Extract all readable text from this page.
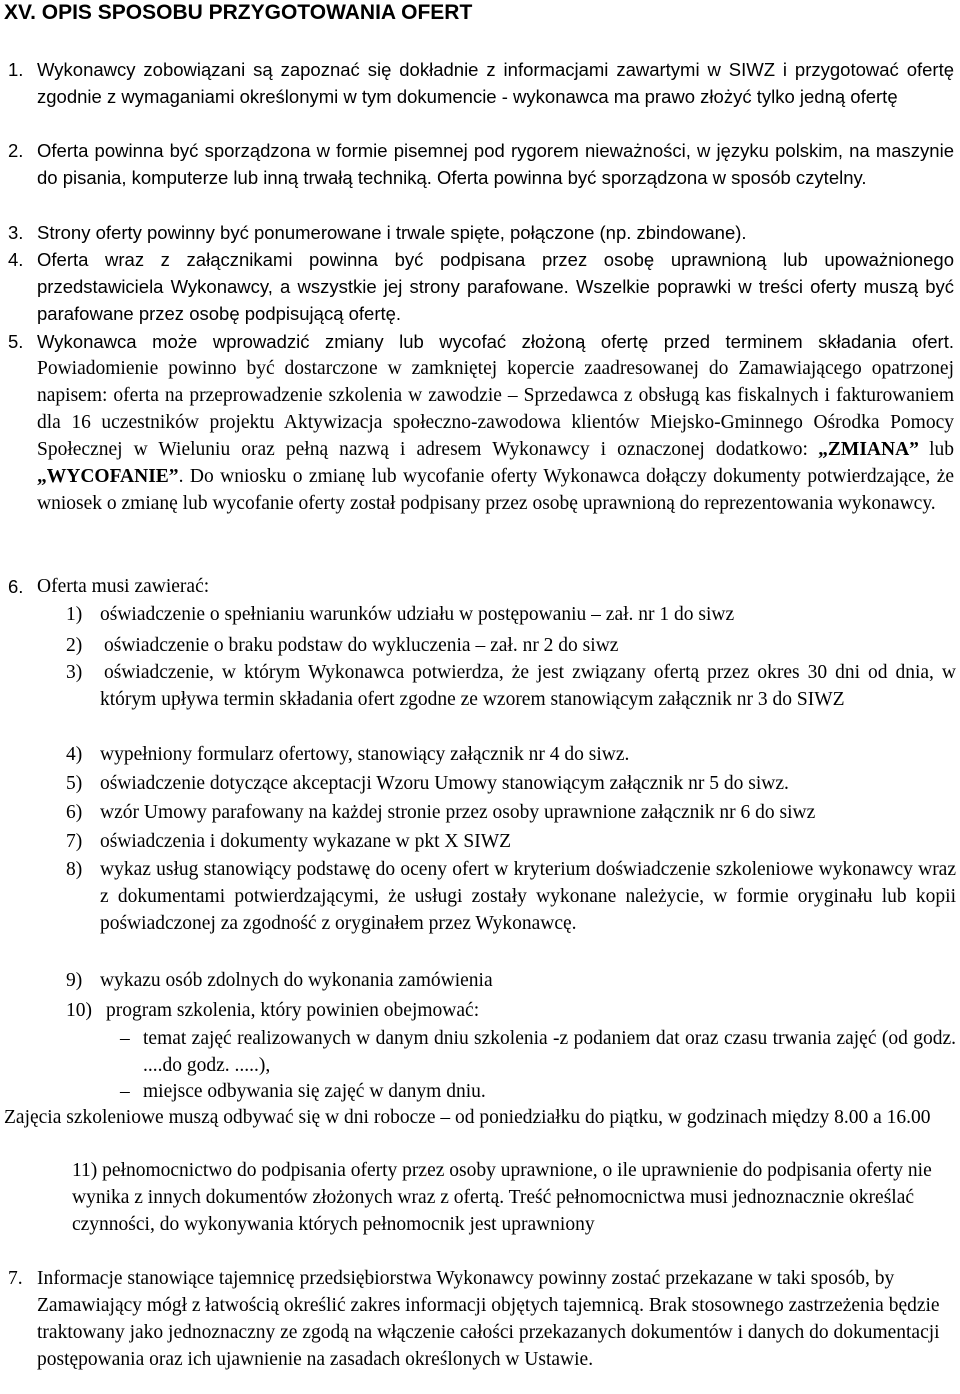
XV. OPIS SPOSOBU PRZYGOTOWANIA OFERT
1. Wykonawcy zobowiązani są zapoznać się dokładnie z informacjami zawartymi w SIWZ i przygotować ofertę zgodnie z wymaganiami określonymi w tym dokumencie - wykonawca ma prawo złożyć tylko jedną ofertę
2. Oferta powinna być sporządzona w formie pisemnej pod rygorem nieważności, w języku polskim, na maszynie do pisania, komputerze lub inną trwałą techniką. Oferta powinna być sporządzona w sposób czytelny.
3. Strony oferty powinny być ponumerowane i trwale spięte, połączone (np. zbindowane).
4. Oferta wraz z załącznikami powinna być podpisana przez osobę uprawnioną lub upoważnionego przedstawiciela Wykonawcy, a wszystkie jej strony parafowane. Wszelkie poprawki w treści oferty muszą być parafowane przez osobę podpisującą ofertę.
5. Wykonawca może wprowadzić zmiany lub wycofać złożoną ofertę przed terminem składania ofert. Powiadomienie powinno być dostarczone w zamkniętej kopercie zaadresowanej do Zamawiającego opatrzonej napisem: oferta na przeprowadzenie szkolenia w zawodzie – Sprzedawca z obsługą kas fiskalnych i fakturowaniem dla 16 uczestników projektu Aktywizacja społeczno-zawodowa klientów Miejsko-Gminnego Ośrodka Pomocy Społecznej w Wieluniu oraz pełną nazwą i adresem Wykonawcy i oznaczonej dodatkowo: „ZMIANA” lub „WYCOFANIE”. Do wniosku o zmianę lub wycofanie oferty Wykonawca dołączy dokumenty potwierdzające, że wniosek o zmianę lub wycofanie oferty został podpisany przez osobę uprawnioną do reprezentowania wykonawcy.
6. Oferta musi zawierać:
1) oświadczenie o spełnianiu warunków udziału w postępowaniu – zał. nr 1 do siwz
2) oświadczenie o braku podstaw do wykluczenia – zał. nr 2 do siwz
3) oświadczenie, w którym Wykonawca potwierdza, że jest związany ofertą przez okres 30 dni od dnia, w którym upływa termin składania ofert zgodne ze wzorem stanowiącym załącznik nr 3 do SIWZ
4) wypełniony formularz ofertowy, stanowiący załącznik nr 4 do siwz.
5) oświadczenie dotyczące akceptacji Wzoru Umowy stanowiącym załącznik nr 5 do siwz.
6) wzór Umowy parafowany na każdej stronie przez osoby uprawnione załącznik nr 6 do siwz
7) oświadczenia i dokumenty wykazane w pkt X SIWZ
8) wykaz usług stanowiący podstawę do oceny ofert w kryterium doświadczenie szkoleniowe wykonawcy wraz z dokumentami potwierdzającymi, że usługi zostały wykonane należycie, w formie oryginału lub kopii poświadczonej za zgodność z oryginałem przez Wykonawcę.
9) wykazu osób zdolnych do wykonania zamówienia
10) program szkolenia, który powinien obejmować:
– temat zajęć realizowanych w danym dniu szkolenia -z podaniem dat oraz czasu trwania zajęć (od godz. ....do godz. .....),
– miejsce odbywania się zajęć w danym dniu.
Zajęcia szkoleniowe muszą odbywać się w dni robocze – od poniedziałku do piątku, w godzinach między 8.00 a 16.00
11) pełnomocnictwo do podpisania oferty przez osoby uprawnione, o ile uprawnienie do podpisania oferty nie wynika z innych dokumentów złożonych wraz z ofertą. Treść pełnomocnictwa musi jednoznacznie określać czynności, do wykonywania których pełnomocnik jest uprawniony
7. Informacje stanowiące tajemnicę przedsiębiorstwa Wykonawcy powinny zostać przekazane w taki sposób, by Zamawiający mógł z łatwością określić zakres informacji objętych tajemnicą. Brak stosownego zastrzeżenia będzie traktowany jako jednoznaczny ze zgodą na włączenie całości przekazanych dokumentów i danych do dokumentacji postępowania oraz ich ujawnienie na zasadach określonych w Ustawie.
